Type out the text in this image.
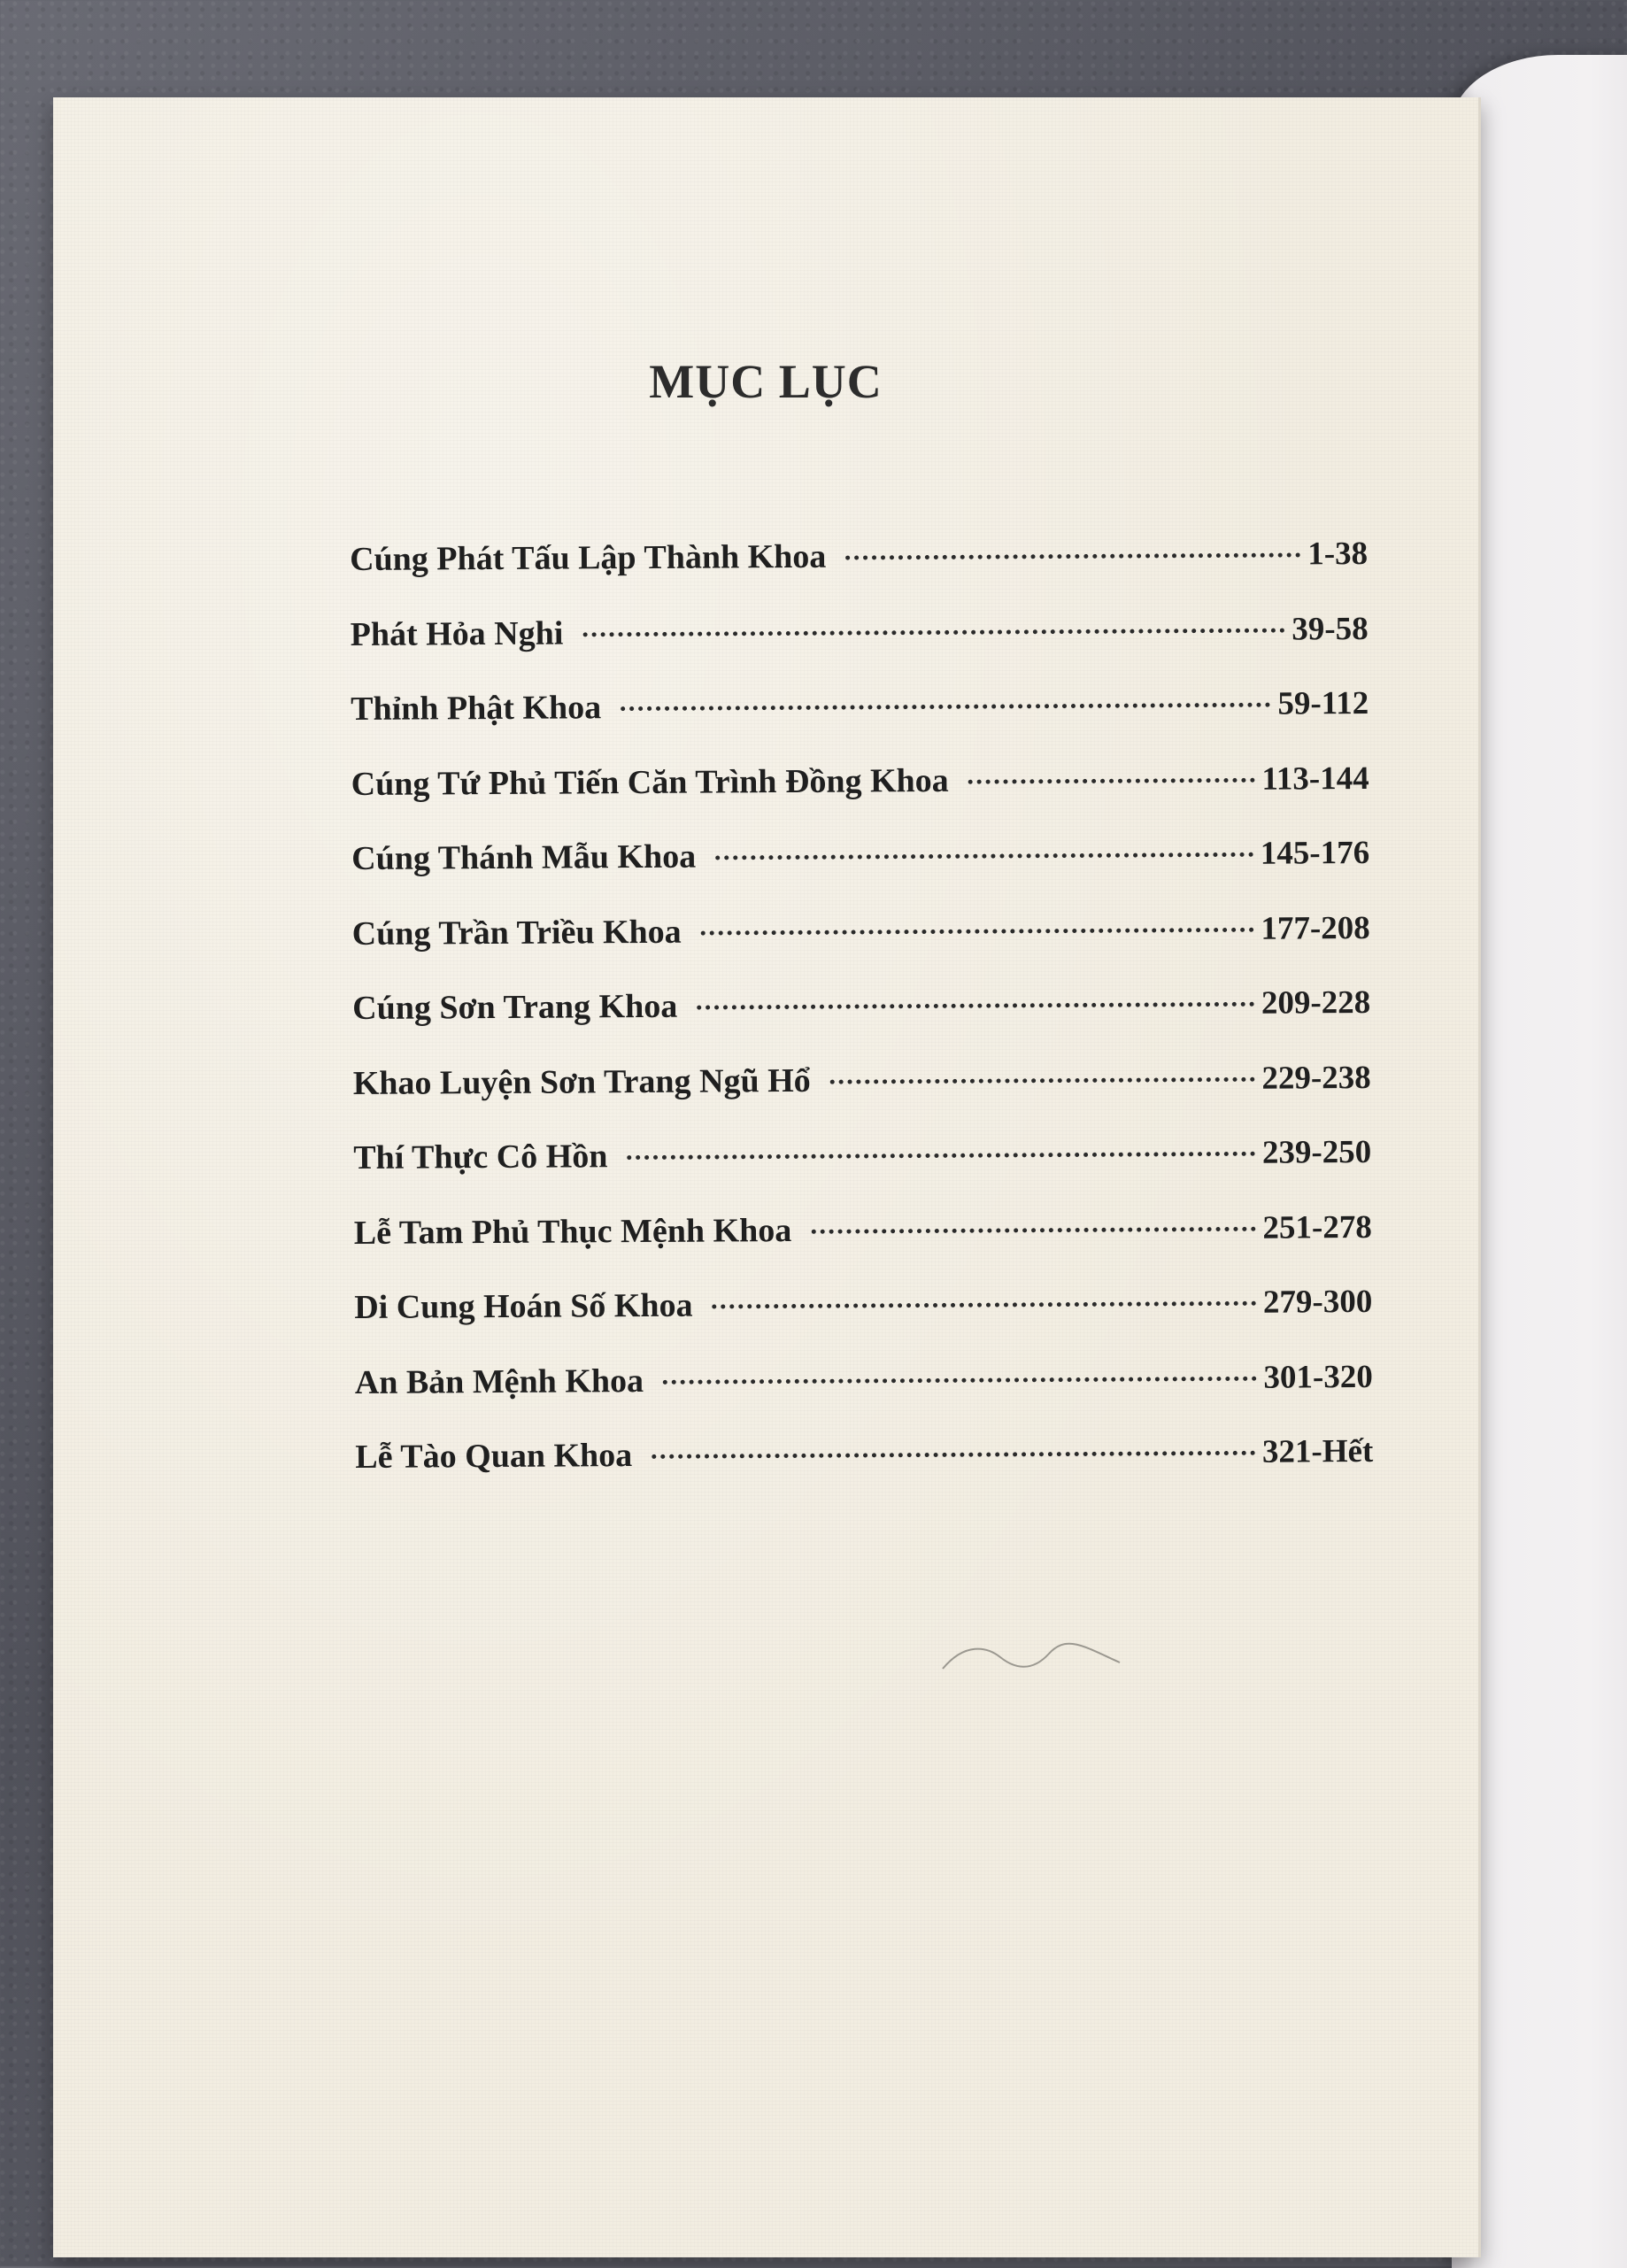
MỤC LỤC
Cúng Phát Tấu Lập Thành Khoa	1-38
Phát Hỏa Nghi	39-58
Thỉnh Phật Khoa	59-112
Cúng Tứ Phủ Tiến Căn Trình Đồng Khoa	113-144
Cúng Thánh Mẫu Khoa	145-176
Cúng Trần Triều Khoa	177-208
Cúng Sơn Trang Khoa	209-228
Khao Luyện Sơn Trang Ngũ Hổ	229-238
Thí Thực Cô Hồn	239-250
Lễ Tam Phủ Thục Mệnh Khoa	251-278
Di Cung Hoán Số Khoa	279-300
An Bản Mệnh Khoa	301-320
Lễ Tào Quan Khoa	321-Hết
